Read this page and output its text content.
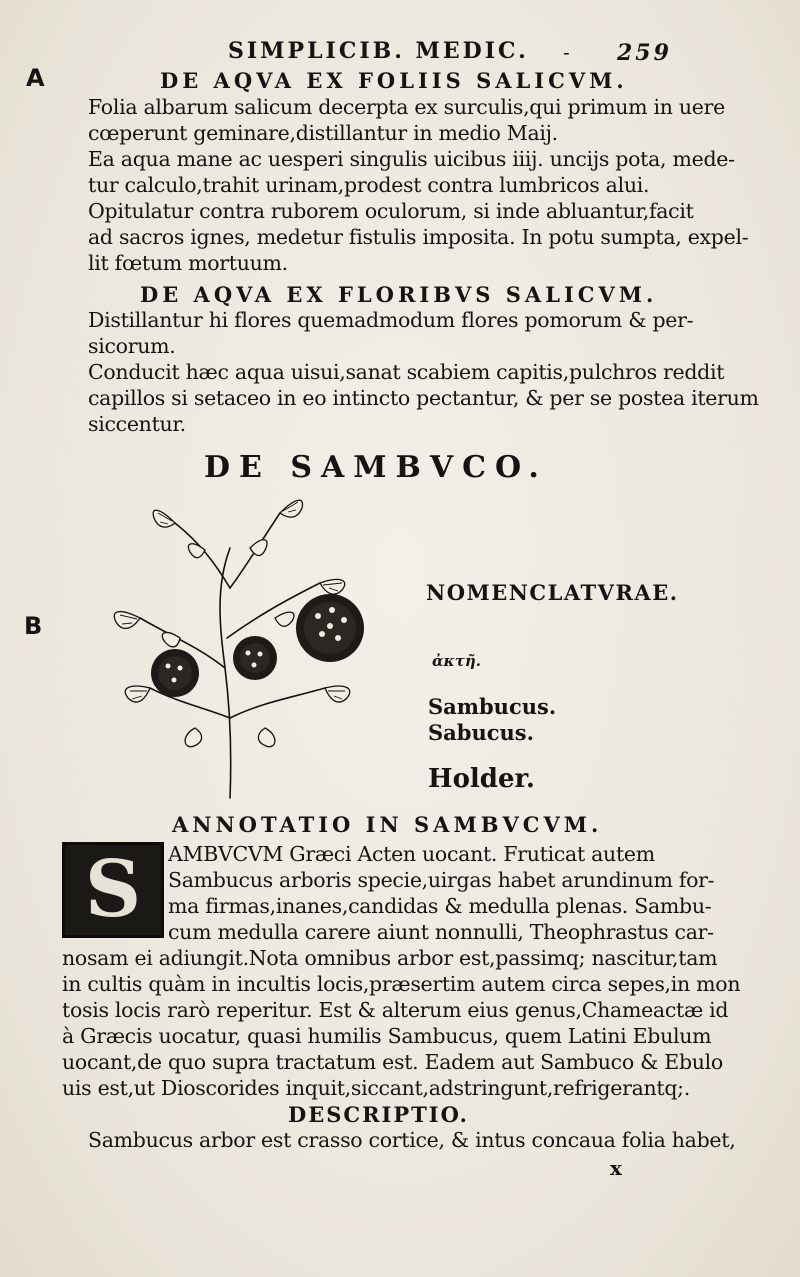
SIMPLICIB. MEDIC. - 259
A
B
DE AQVA EX FOLIIS SALICVM.
Folia albarum salicum decerpta ex surculis,qui primum in uere
cœperunt geminare,distillantur in medio Maij.
Ea aqua mane ac uesperi singulis uicibus iiij. uncijs pota, mede-
tur calculo,trahit urinam,prodest contra lumbricos alui.
Opitulatur contra ruborem oculorum, si inde abluantur,facit
ad sacros ignes, medetur fistulis imposita. In potu sumpta, expel-
lit fœtum mortuum.
DE AQVA EX FLORIBVS SALICVM.
Distillantur hi flores quemadmodum flores pomorum & per-
sicorum.
Conducit hæc aqua uisui,sanat scabiem capitis,pulchros reddit
capillos si setaceo in eo intincto pectantur, & per se postea iterum
siccentur.
DE SAMBVCO.
NOMENCLATVRAE.
ἀκτῆ.
Sambucus.
Sabucus.
Holder.
ANNOTATIO IN SAMBVCVM.
S	AMBVCVM Græci Acten uocant. Fruticat autem
Sambucus arboris specie,uirgas habet arundinum for-
ma firmas,inanes,candidas & medulla plenas. Sambu-
cum medulla carere aiunt nonnulli, Theophrastus car-
nosam ei adiungit.Nota omnibus arbor est,passimq; nascitur,tam
in cultis quàm in incultis locis,præsertim autem circa sepes,in mon
tosis locis rarò reperitur. Est & alterum eius genus,Chameactæ id
à Græcis uocatur, quasi humilis Sambucus, quem Latini Ebulum
uocant,de quo supra tractatum est. Eadem aut Sambuco & Ebulo
uis est,ut Dioscorides inquit,siccant,adstringunt,refrigerantq;.
DESCRIPTIO.
Sambucus arbor est crasso cortice, & intus concaua folia habet,
x
